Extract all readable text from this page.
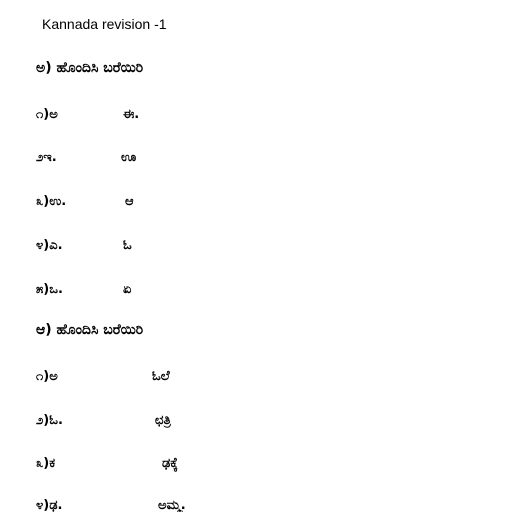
Kannada revision -1
ಅ) ಹೊಂದಿಸಿ ಬರೆಯಿರಿ
೧)ಅ	ಈ.
೨ಇ.	ಊ
೩)ಉ.	ಆ
೪)ಎ.	ಓ
೫)ಒ.	ಏ
ಆ) ಹೊಂದಿಸಿ ಬರೆಯಿರಿ
೧)ಅ	ಓಲೆ
೨)ಓ.	ಛತ್ರಿ
೩)ಕ	ಢಕ್ಕೆ
೪)ಢ.	ಅಮ್ಮ.
